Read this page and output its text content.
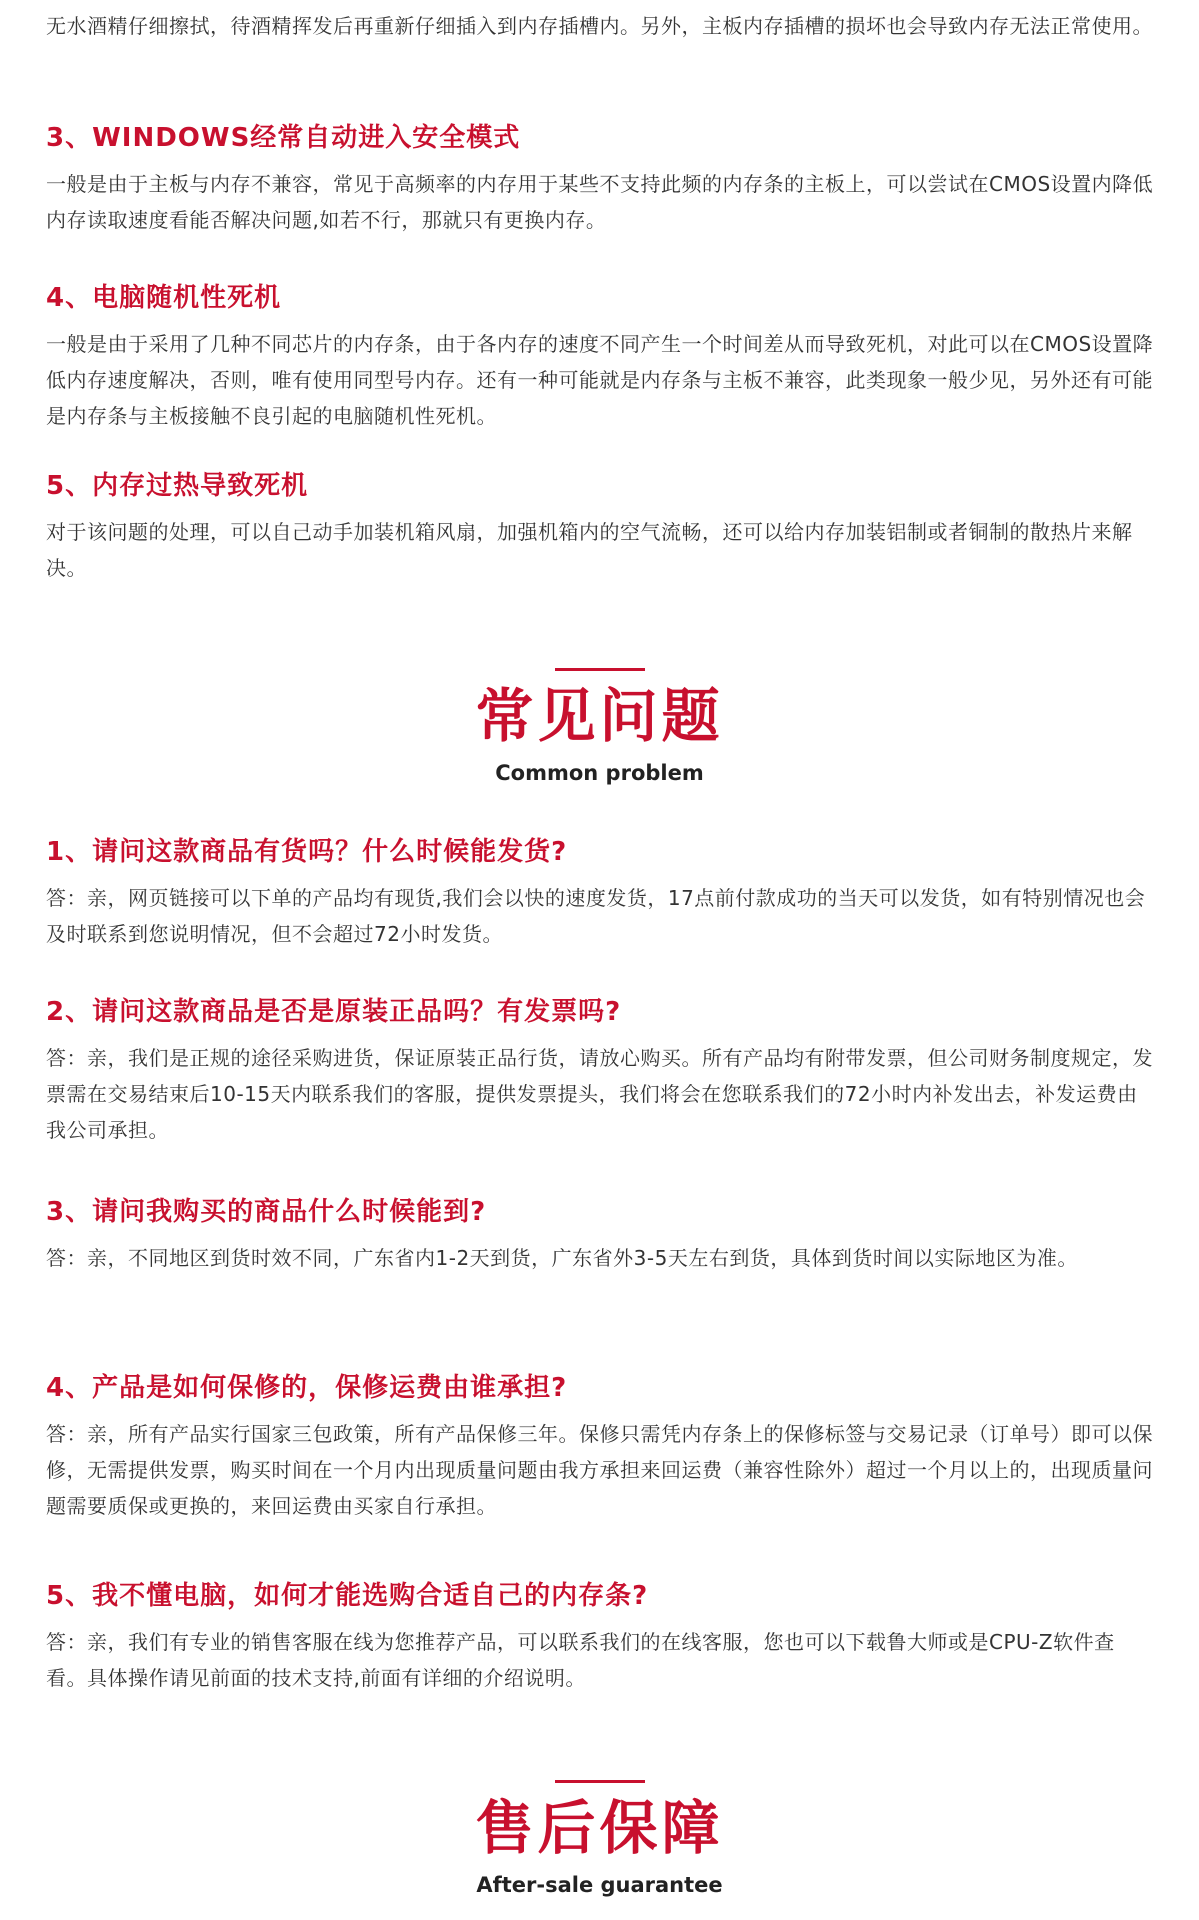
无水酒精仔细擦拭，待酒精挥发后再重新仔细插入到内存插槽内。另外，主板内存插槽的损坏也会导致内存无法正常使用。

3、WINDOWS经常自动进入安全模式

一般是由于主板与内存不兼容，常见于高频率的内存用于某些不支持此频的内存条的主板上，可以尝试在CMOS设置内降低内存读取速度看能否解决问题,如若不行，那就只有更换内存。

4、电脑随机性死机

一般是由于采用了几种不同芯片的内存条，由于各内存的速度不同产生一个时间差从而导致死机，对此可以在CMOS设置降低内存速度解决，否则，唯有使用同型号内存。还有一种可能就是内存条与主板不兼容，此类现象一般少见，另外还有可能是内存条与主板接触不良引起的电脑随机性死机。

5、内存过热导致死机

对于该问题的处理，可以自己动手加装机箱风扇，加强机箱内的空气流畅，还可以给内存加装铝制或者铜制的散热片来解决。

常见问题
Common problem
1、请问这款商品有货吗？什么时候能发货?

答：亲，网页链接可以下单的产品均有现货,我们会以快的速度发货，17点前付款成功的当天可以发货，如有特别情况也会及时联系到您说明情况，但不会超过72小时发货。

2、请问这款商品是否是原装正品吗？有发票吗?

答：亲，我们是正规的途径采购进货，保证原装正品行货，请放心购买。所有产品均有附带发票，但公司财务制度规定，发票需在交易结束后10-15天内联系我们的客服，提供发票提头，我们将会在您联系我们的72小时内补发出去，补发运费由我公司承担。

3、请问我购买的商品什么时候能到?

答：亲，不同地区到货时效不同，广东省内1-2天到货，广东省外3-5天左右到货，具体到货时间以实际地区为准。

4、产品是如何保修的，保修运费由谁承担?

答：亲，所有产品实行国家三包政策，所有产品保修三年。保修只需凭内存条上的保修标签与交易记录（订单号）即可以保修，无需提供发票，购买时间在一个月内出现质量问题由我方承担来回运费（兼容性除外）超过一个月以上的，出现质量问题需要质保或更换的，来回运费由买家自行承担。

5、我不懂电脑，如何才能选购合适自己的内存条?

答：亲，我们有专业的销售客服在线为您推荐产品，可以联系我们的在线客服，您也可以下载鲁大师或是CPU-Z软件查看。具体操作请见前面的技术支持,前面有详细的介绍说明。

售后保障
After-sale guarantee
